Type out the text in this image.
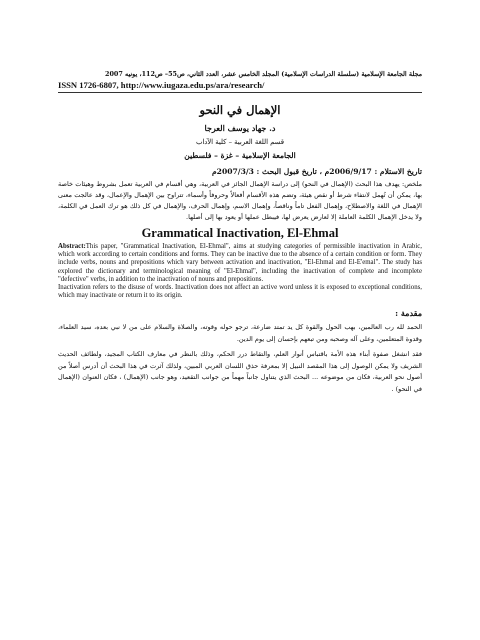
مجلة الجامعة الإسلامية (سلسلة الدراسات الإسلامية) المجلد الخامس عشر، العدد الثاني، ص55– ص112، يونيه 2007
ISSN 1726-6807, http://www.iugaza.edu.ps/ara/research/
الإهمال في النحو
د. جهاد يوسف العرجا
قسم اللغة العربية – كلية الآداب
الجامعة الإسلامية – غزة – فلسطين
تاريخ الاستلام : 2006/9/17م ، تاريخ قبول البحث : 2007/3/3م
ملخص: يهدف هذا البحث (الإهمال في النحو) إلى دراسة الإهمال الجائز في العربية، وهي أقسام في العربية تعمل بشروط وهيئات خاصة بها، يمكن أن تُهمل لانتفاء شرط أو نقص هيئة، وتضم هذه الأقسام أفعالاً وحروفاً وأسماء، تتراوح بين الإهمال والإعمال، وقد عالجت معنى الإهمال في اللغة والاصطلاح، وإهمال الفعل تاماً وناقصاً، وإهمال الاسم، وإهمال الحرف، والإهمال في كل ذلك هو ترك العمل في الكلمة، ولا يدخل الإهمال الكلمة العاملة إلا لعارض يعرض لها، فيبطل عملها أو يعود بها إلى أصلها.
Grammatical Inactivation, El-Ehmal

Abstract:This paper, "Grammatical Inactivation, El-Ehmal", aims at studying categories of permissible inactivation in Arabic, which work according to certain conditions and forms. They can be inactive due to the absence of a certain condition or form. They include verbs, nouns and prepositions which vary between activation and inactivation, "El-Ehmal and El-E'emal". The study has explored the dictionary and terminological meaning of "El-Ehmal", including the inactivation of complete and incomplete "defective" verbs, in addition to the inactivation of nouns and prepositions.

Inactivation refers to the disuse of words. Inactivation does not affect an active word unless it is exposed to exceptional conditions, which may inactivate or return it to its origin.

مقدمة :

الحمد لله رب العالمين، بهب الحول والقوة كل يد تمتد ضارعة، ترجو حوله وقوته، والصلاة والسلام على من لا نبي بعده، سيد العلماء، وقدوة المتعلمين، وعلى آله وصحبه ومن تبعهم بإحسان إلى يوم الدين.

فقد انشغل صفوة أبناء هذه الأمة باقتباس أنوار العلم، والتقاط درر الحكم، وذلك بالنظر في معارف الكتاب المجيد، ولطائف الحديث الشريف ولا يمكن الوصول إلى هذا المقصد النبيل إلا بمعرفة حذق اللسان العربي المبين، ولذلك آثرت في هذا البحث أن أدرس أصلاً من أصول نحو العربية، فكان من موضوعه ... البحث الذي يتناول جانباً مهماً من جوانب التقعيد، وهو جانب (الإهمال) ، فكان العنوان (الإهمال في النحو) .
